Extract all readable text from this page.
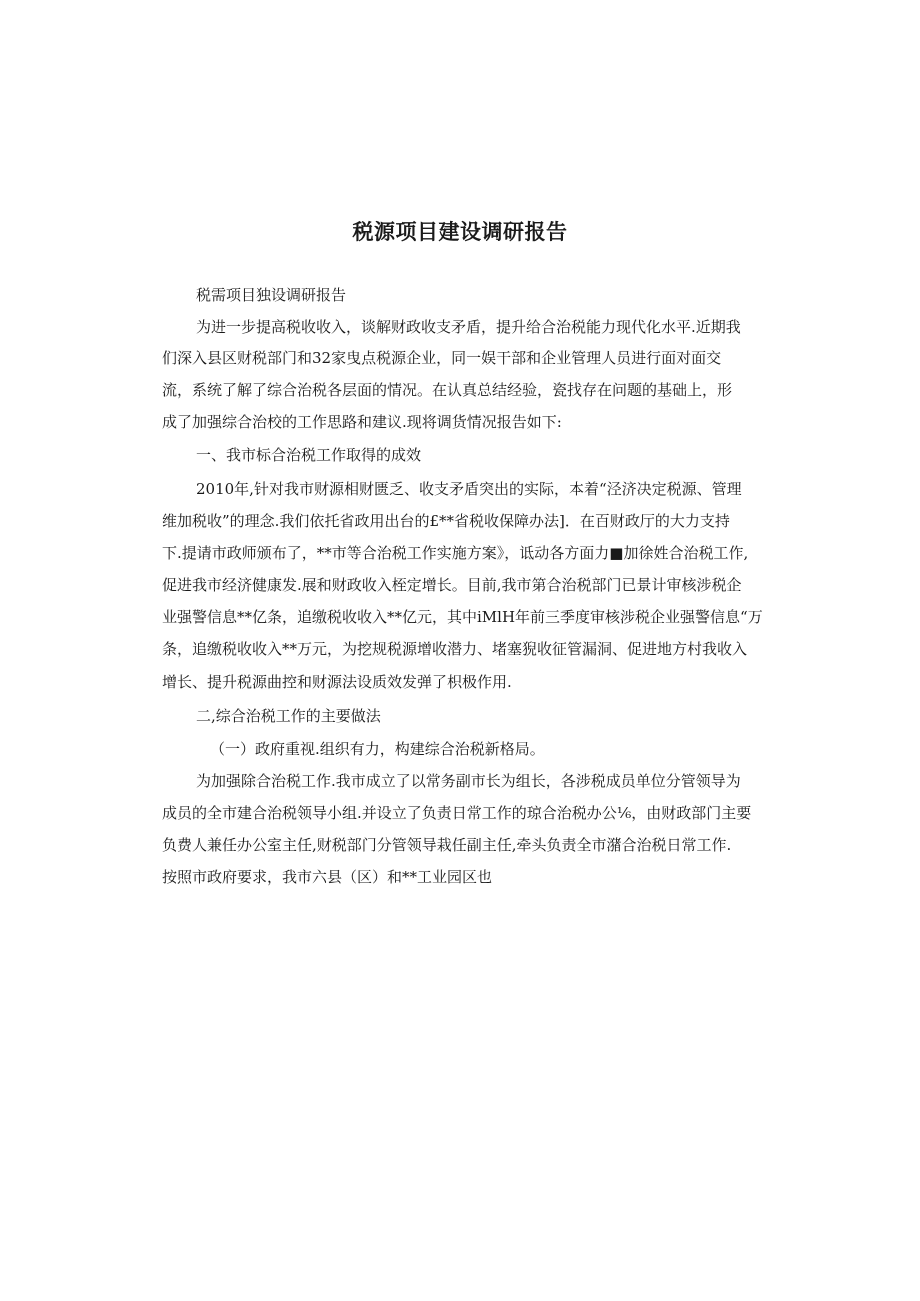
税源项目建设调研报告

税需项目独设调研报告

为进一步提高税收收入，谈解财政收支矛盾，提升给合治税能力现代化水平.近期我

们深入县区财税部门和32家曳点税源企业，同一娱干部和企业管理人员进行面对面交

流，系统了解了综合治税各层面的情况。在认真总结经验，瓷找存在问题的基础上，形

成了加强综合治校的工作思路和建议.现将调货情况报告如下:

一、我市标合治税工作取得的成效

2010年,针对我市财源相财匮乏、收支矛盾突出的实际，本着“泾济决定税源、管理

维加税收”的理念.我们依托省政用出台的£**省税收保障办法]．在百财政厅的大力支持

下.提请市政师颁布了，**市等合治税工作实施方案》，诋动各方面力■加徐姓合治税工作,

促进我市经济健康发.展和财政收入桎定增长。目前,我市第合治税部门已景计审核涉税企

业强警信息**亿条，追缴税收收入**亿元，其中iMlH年前三季度审核涉税企业强警信息“万

条，追缴税收收入**万元，为挖规税源增收潜力、堵塞猊收征管漏洞、促进地方村我收入

增长、提升税源曲控和财源法设质效发弹了枳极作用.

二,综合治税工作的主要做法

（一）政府重视.组织有力，构建综合治税新格局。

为加强除合治税工作.我市成立了以常务副市长为组长，各涉税成员单位分管领导为

成员的全市建合治税领导小组.并设立了负责日常工作的琼合治税办公⅙，由财政部门主要

负费人兼任办公室主任,财税部门分管领导栽任副主任,牵头负责全市潴合治税日常工作.

按照市政府要求，我市六县（区）和**工业园区也
